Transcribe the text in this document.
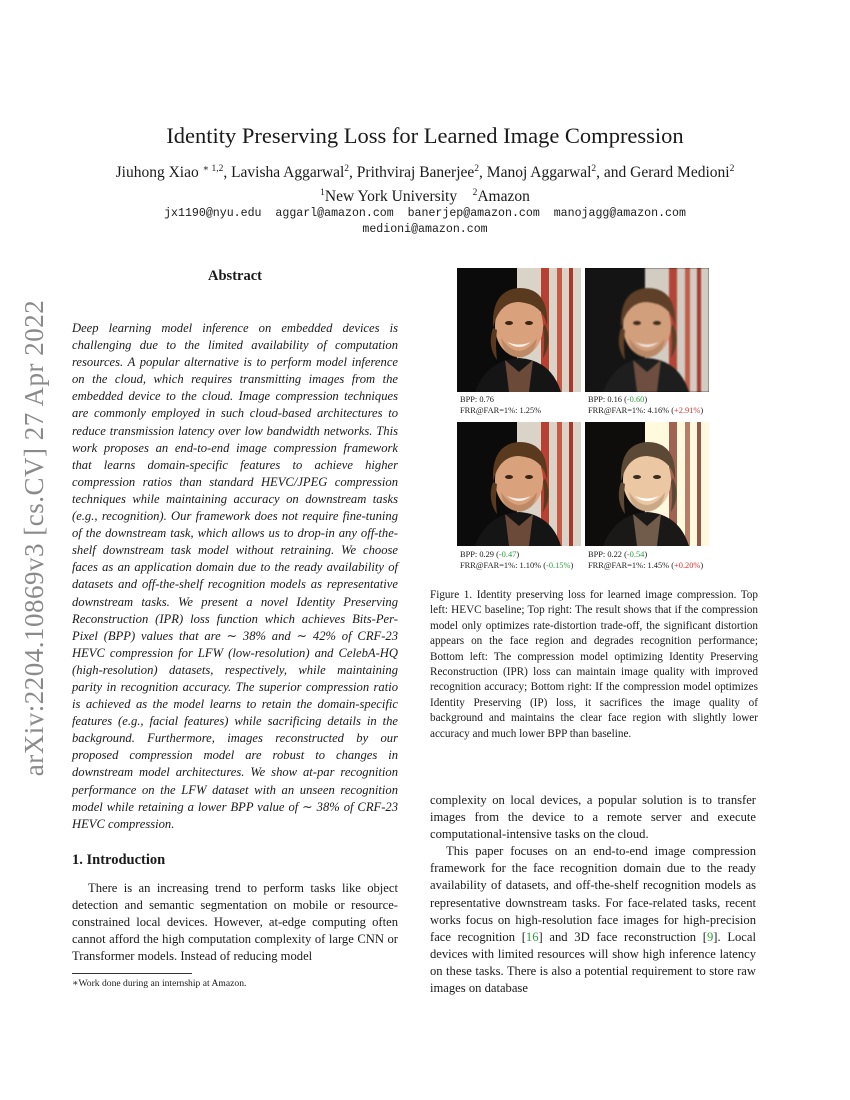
arXiv:2204.10869v3 [cs.CV] 27 Apr 2022
Identity Preserving Loss for Learned Image Compression
Jiuhong Xiao $^{∗ 1,2}$, Lavisha Aggarwal$^2$, Prithviraj Banerjee$^2$, Manoj Aggarwal$^2$, and Gerard Medioni$^2$
$^1$New York University $^2$Amazon
jx1190@nyu.edu  aggarl@amazon.com  banerjep@amazon.com  manojagg@amazon.com
medioni@amazon.com
Abstract
Deep learning model inference on embedded devices is challenging due to the limited availability of computation resources. A popular alternative is to perform model inference on the cloud, which requires transmitting images from the embedded device to the cloud. Image compression techniques are commonly employed in such cloud-based architectures to reduce transmission latency over low bandwidth networks. This work proposes an end-to-end image compression framework that learns domain-specific features to achieve higher compression ratios than standard HEVC/JPEG compression techniques while maintaining accuracy on downstream tasks (e.g., recognition). Our framework does not require fine-tuning of the downstream task, which allows us to drop-in any off-the-shelf downstream task model without retraining. We choose faces as an application domain due to the ready availability of datasets and off-the-shelf recognition models as representative downstream tasks. We present a novel Identity Preserving Reconstruction (IPR) loss function which achieves Bits-Per-Pixel (BPP) values that are ∼ 38% and ∼ 42% of CRF-23 HEVC compression for LFW (low-resolution) and CelebA-HQ (high-resolution) datasets, respectively, while maintaining parity in recognition accuracy. The superior compression ratio is achieved as the model learns to retain the domain-specific features (e.g., facial features) while sacrificing details in the background. Furthermore, images reconstructed by our proposed compression model are robust to changes in downstream model architectures. We show at-par recognition performance on the LFW dataset with an unseen recognition model while retaining a lower BPP value of ∼ 38% of CRF-23 HEVC compression.
1. Introduction
There is an increasing trend to perform tasks like object detection and semantic segmentation on mobile or resource-constrained local devices. However, at-edge computing often cannot afford the high computation complexity of large CNN or Transformer models. Instead of reducing model
∗Work done during an internship at Amazon.
BPP: 0.76
FRR@FAR=1%: 1.25%
BPP: 0.16 (-0.60)
FRR@FAR=1%: 4.16% (+2.91%)
BPP: 0.29 (-0.47)
FRR@FAR=1%: 1.10% (-0.15%)
BPP: 0.22 (-0.54)
FRR@FAR=1%: 1.45% (+0.20%)
Figure 1. Identity preserving loss for learned image compression. Top left: HEVC baseline; Top right: The result shows that if the compression model only optimizes rate-distortion trade-off, the significant distortion appears on the face region and degrades recognition performance; Bottom left: The compression model optimizing Identity Preserving Reconstruction (IPR) loss can maintain image quality with improved recognition accuracy; Bottom right: If the compression model optimizes Identity Preserving (IP) loss, it sacrifices the image quality of background and maintains the clear face region with slightly lower accuracy and much lower BPP than baseline.

complexity on local devices, a popular solution is to transfer images from the device to a remote server and execute computational-intensive tasks on the cloud.

This paper focuses on an end-to-end image compression framework for the face recognition domain due to the ready availability of datasets, and off-the-shelf recognition models as representative downstream tasks. For face-related tasks, recent works focus on high-resolution face images for high-precision face recognition [16] and 3D face reconstruction [9]. Local devices with limited resources will show high inference latency on these tasks. There is also a potential requirement to store raw images on database
